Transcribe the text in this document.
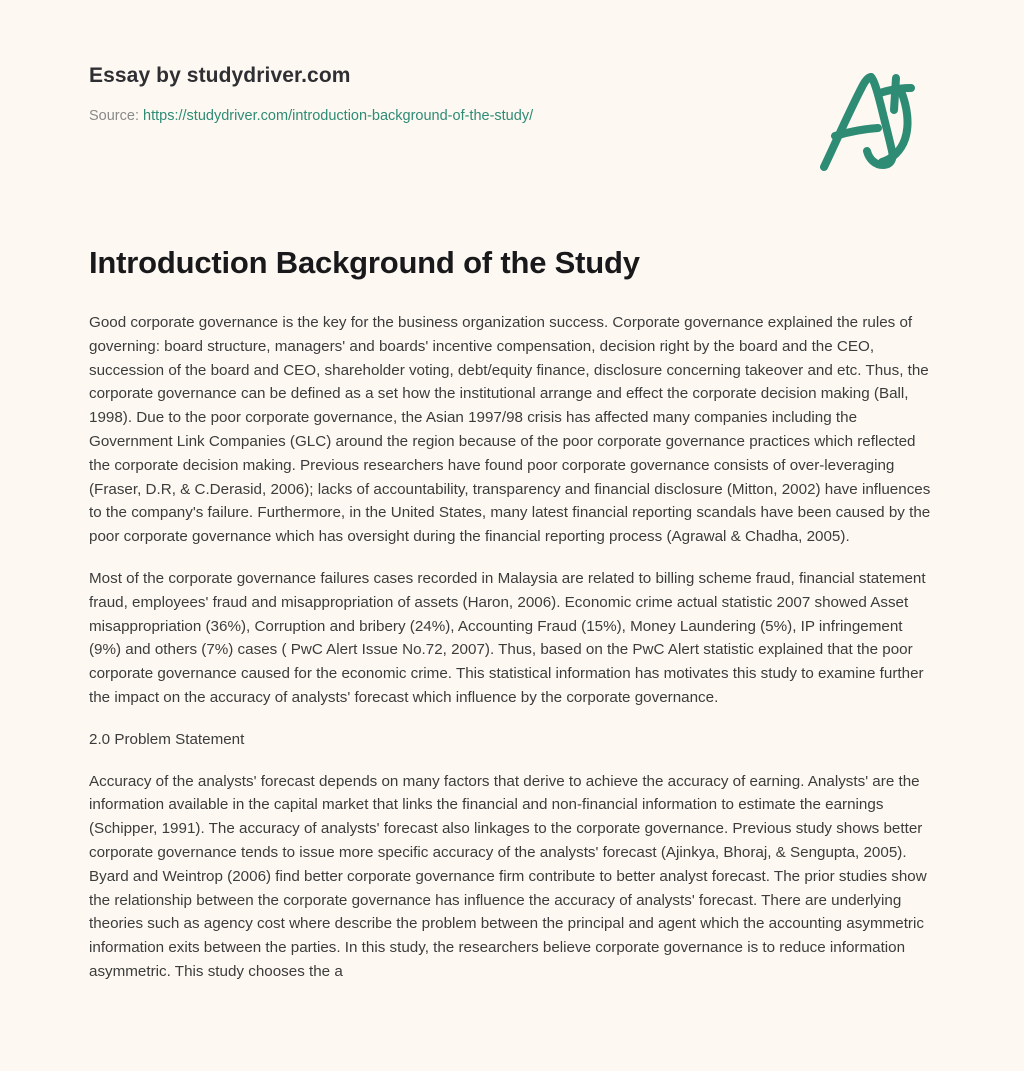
Essay by studydriver.com

Source: https://studydriver.com/introduction-background-of-the-study/

Introduction Background of the Study

Good corporate governance is the key for the business organization success. Corporate governance explained the rules of governing: board structure, managers' and boards' incentive compensation, decision right by the board and the CEO, succession of the board and CEO, shareholder voting, debt/equity finance, disclosure concerning takeover and etc. Thus, the corporate governance can be defined as a set how the institutional arrange and effect the corporate decision making (Ball, 1998). Due to the poor corporate governance, the Asian 1997/98 crisis has affected many companies including the Government Link Companies (GLC) around the region because of the poor corporate governance practices which reflected the corporate decision making. Previous researchers have found poor corporate governance consists of over-leveraging (Fraser, D.R, & C.Derasid, 2006); lacks of accountability, transparency and financial disclosure (Mitton, 2002) have influences to the company's failure. Furthermore, in the United States, many latest financial reporting scandals have been caused by the poor corporate governance which has oversight during the financial reporting process (Agrawal & Chadha, 2005).

Most of the corporate governance failures cases recorded in Malaysia are related to billing scheme fraud, financial statement fraud, employees' fraud and misappropriation of assets (Haron, 2006). Economic crime actual statistic 2007 showed Asset misappropriation (36%), Corruption and bribery (24%), Accounting Fraud (15%), Money Laundering (5%), IP infringement (9%) and others (7%) cases ( PwC Alert Issue No.72, 2007). Thus, based on the PwC Alert statistic explained that the poor corporate governance caused for the economic crime. This statistical information has motivates this study to examine further the impact on the accuracy of analysts' forecast which influence by the corporate governance.

2.0 Problem Statement

Accuracy of the analysts' forecast depends on many factors that derive to achieve the accuracy of earning. Analysts' are the information available in the capital market that links the financial and non-financial information to estimate the earnings (Schipper, 1991). The accuracy of analysts' forecast also linkages to the corporate governance. Previous study shows better corporate governance tends to issue more specific accuracy of the analysts' forecast (Ajinkya, Bhoraj, & Sengupta, 2005). Byard and Weintrop (2006) find better corporate governance firm contribute to better analyst forecast. The prior studies show the relationship between the corporate governance has influence the accuracy of analysts' forecast. There are underlying theories such as agency cost where describe the problem between the principal and agent which the accounting asymmetric information exits between the parties. In this study, the researchers believe corporate governance is to reduce information asymmetric. This study chooses the a
